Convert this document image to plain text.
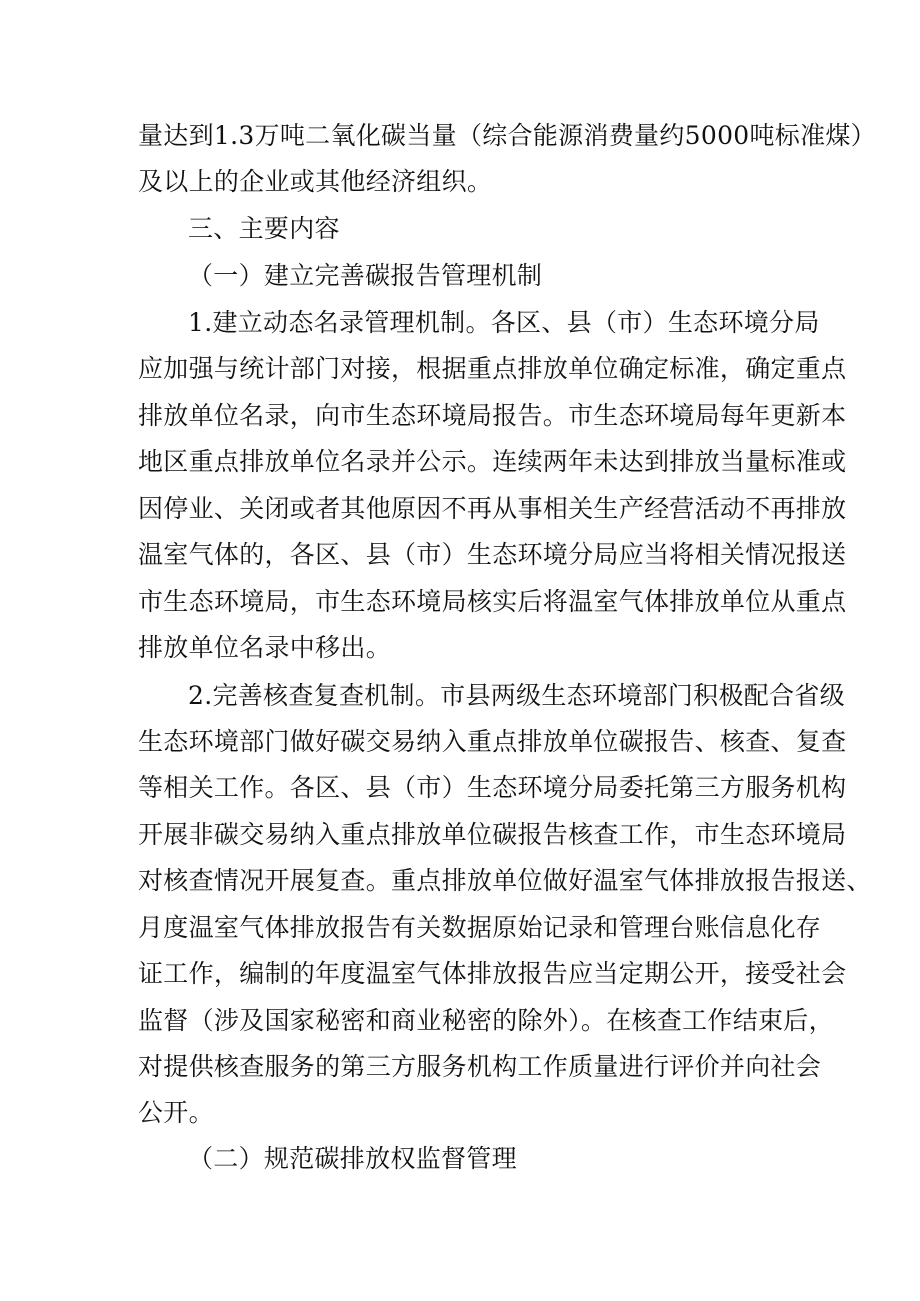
量达到1.3万吨二氧化碳当量（综合能源消费量约5000吨标准煤）
及以上的企业或其他经济组织。
三、主要内容
（一）建立完善碳报告管理机制
1.建立动态名录管理机制。各区、县（市）生态环境分局
应加强与统计部门对接，根据重点排放单位确定标准，确定重点
排放单位名录，向市生态环境局报告。市生态环境局每年更新本
地区重点排放单位名录并公示。连续两年未达到排放当量标准或
因停业、关闭或者其他原因不再从事相关生产经营活动不再排放
温室气体的，各区、县（市）生态环境分局应当将相关情况报送
市生态环境局，市生态环境局核实后将温室气体排放单位从重点
排放单位名录中移出。
2.完善核查复查机制。市县两级生态环境部门积极配合省级
生态环境部门做好碳交易纳入重点排放单位碳报告、核查、复查
等相关工作。各区、县（市）生态环境分局委托第三方服务机构
开展非碳交易纳入重点排放单位碳报告核查工作，市生态环境局
对核查情况开展复查。重点排放单位做好温室气体排放报告报送、
月度温室气体排放报告有关数据原始记录和管理台账信息化存
证工作，编制的年度温室气体排放报告应当定期公开，接受社会
监督（涉及国家秘密和商业秘密的除外）。在核查工作结束后，
对提供核查服务的第三方服务机构工作质量进行评价并向社会
公开。
（二）规范碳排放权监督管理
